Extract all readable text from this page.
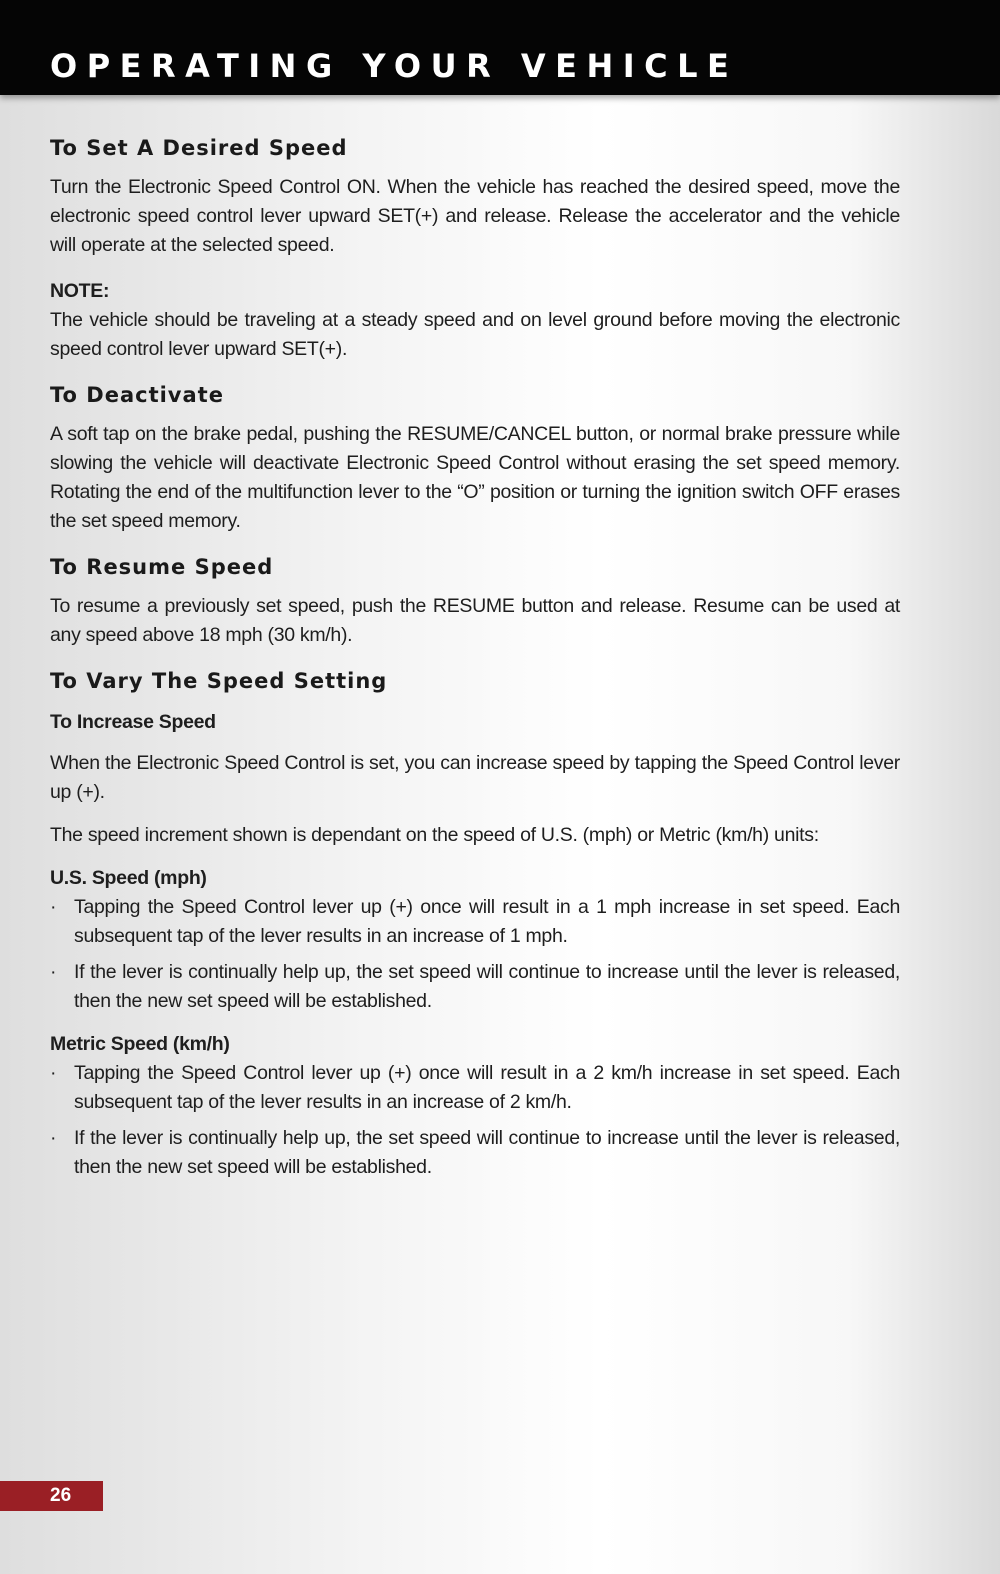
OPERATING YOUR VEHICLE
To Set A Desired Speed

Turn the Electronic Speed Control ON. When the vehicle has reached the desired speed, move the electronic speed control lever upward SET(+) and release. Release the accelerator and the vehicle will operate at the selected speed.

NOTE:

The vehicle should be traveling at a steady speed and on level ground before moving the electronic speed control lever upward SET(+).

To Deactivate

A soft tap on the brake pedal, pushing the RESUME/CANCEL button, or normal brake pressure while slowing the vehicle will deactivate Electronic Speed Control without erasing the set speed memory. Rotating the end of the multifunction lever to the “O” position or turning the ignition switch OFF erases the set speed memory.

To Resume Speed

To resume a previously set speed, push the RESUME button and release. Resume can be used at any speed above 18 mph (30 km/h).

To Vary The Speed Setting
To Increase Speed

When the Electronic Speed Control is set, you can increase speed by tapping the Speed Control lever up (+).

The speed increment shown is dependant on the speed of U.S. (mph) or Metric (km/h) units:

U.S. Speed (mph)
· Tapping the Speed Control lever up (+) once will result in a 1 mph increase in set speed. Each subsequent tap of the lever results in an increase of 1 mph.
· If the lever is continually help up, the set speed will continue to increase until the lever is released, then the new set speed will be established.
Metric Speed (km/h)
· Tapping the Speed Control lever up (+) once will result in a 2 km/h increase in set speed. Each subsequent tap of the lever results in an increase of 2 km/h.
· If the lever is continually help up, the set speed will continue to increase until the lever is released, then the new set speed will be established.
26
